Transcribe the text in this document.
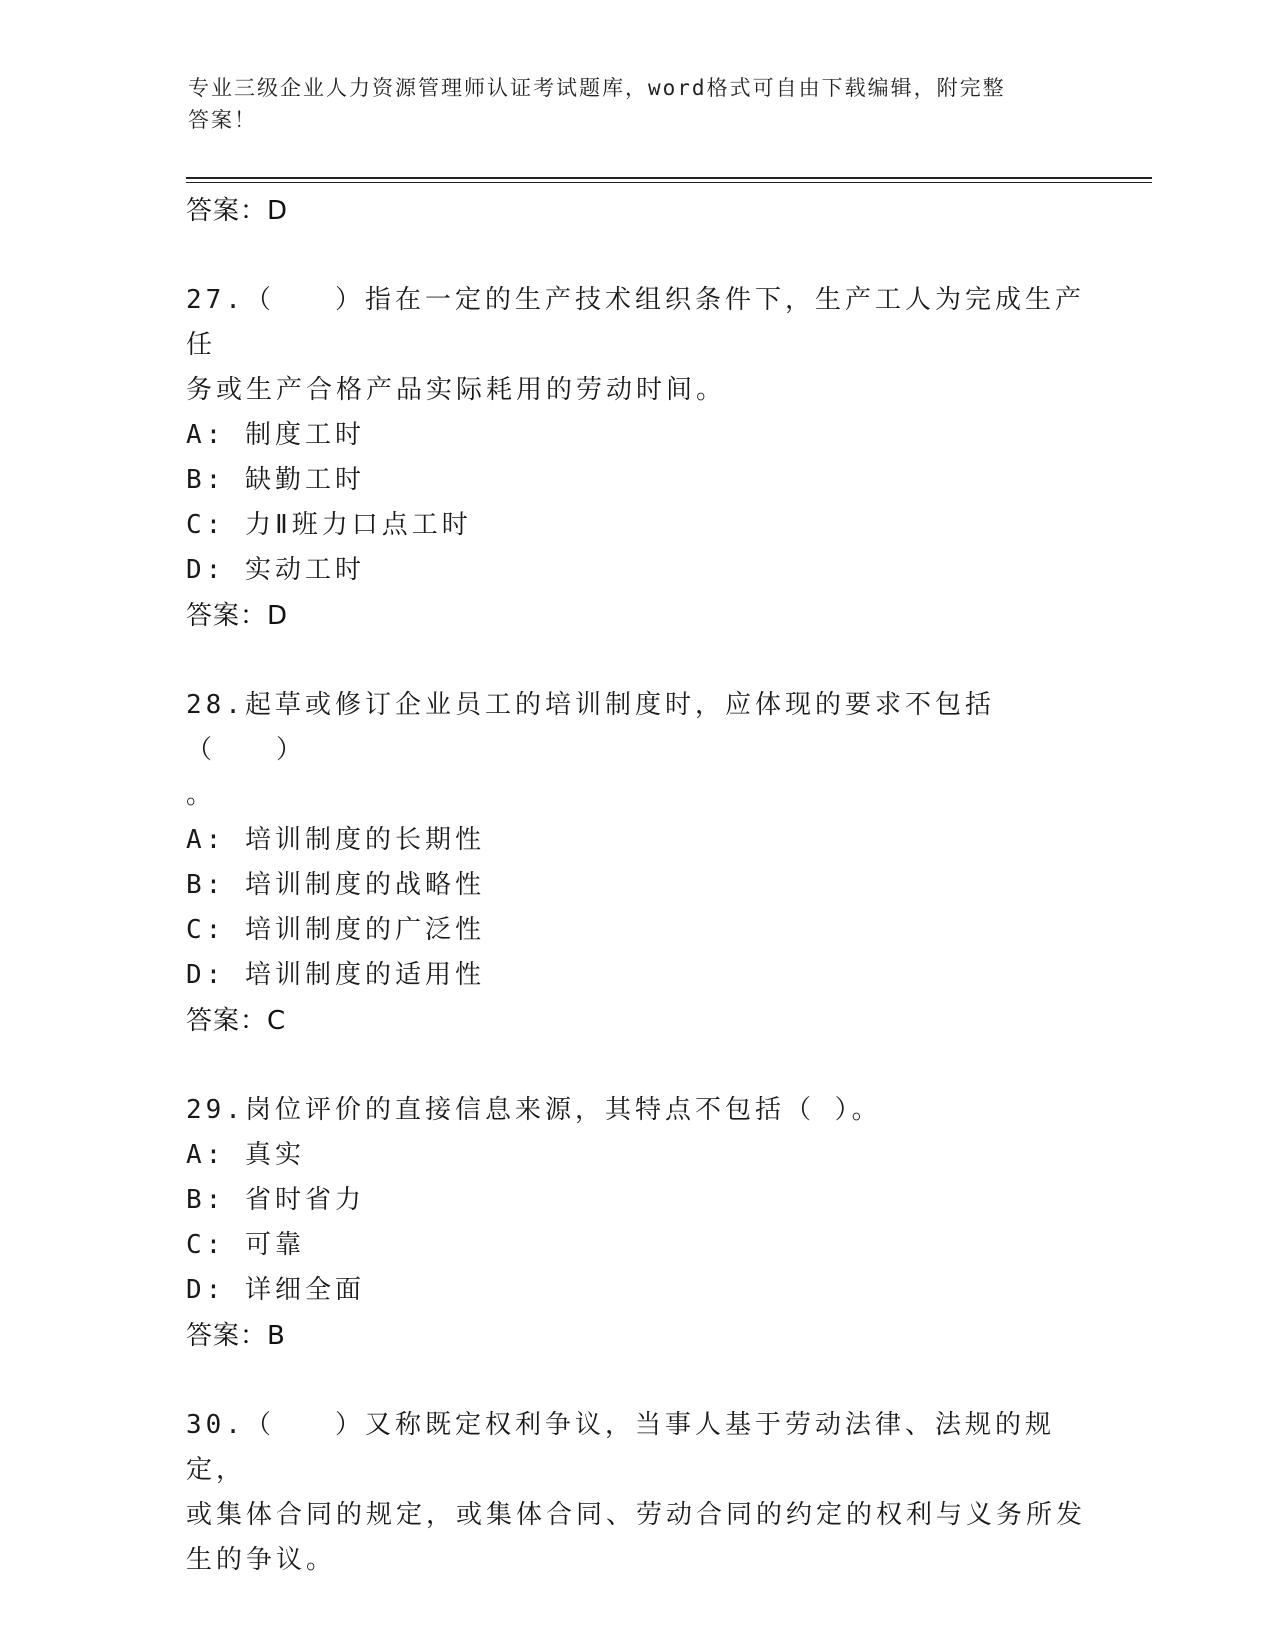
专业三级企业人力资源管理师认证考试题库，word格式可自由下载编辑，附完整
答案！
答案：D
27.（　　）指在一定的生产技术组织条件下，生产工人为完成生产任
务或生产合格产品实际耗用的劳动时间。
A: 制度工时
B: 缺勤工时
C: 力Ⅱ班力口点工时
D: 实动工时
答案：D
28.起草或修订企业员工的培训制度时，应体现的要求不包括（　　）
。
A: 培训制度的长期性
B: 培训制度的战略性
C: 培训制度的广泛性
D: 培训制度的适用性
答案：C
29.岗位评价的直接信息来源，其特点不包括（ ）。
A: 真实
B: 省时省力
C: 可靠
D: 详细全面
答案：B
30.（　　）又称既定权利争议，当事人基于劳动法律、法规的规定，
或集体合同的规定，或集体合同、劳动合同的约定的权利与义务所发
生的争议。
